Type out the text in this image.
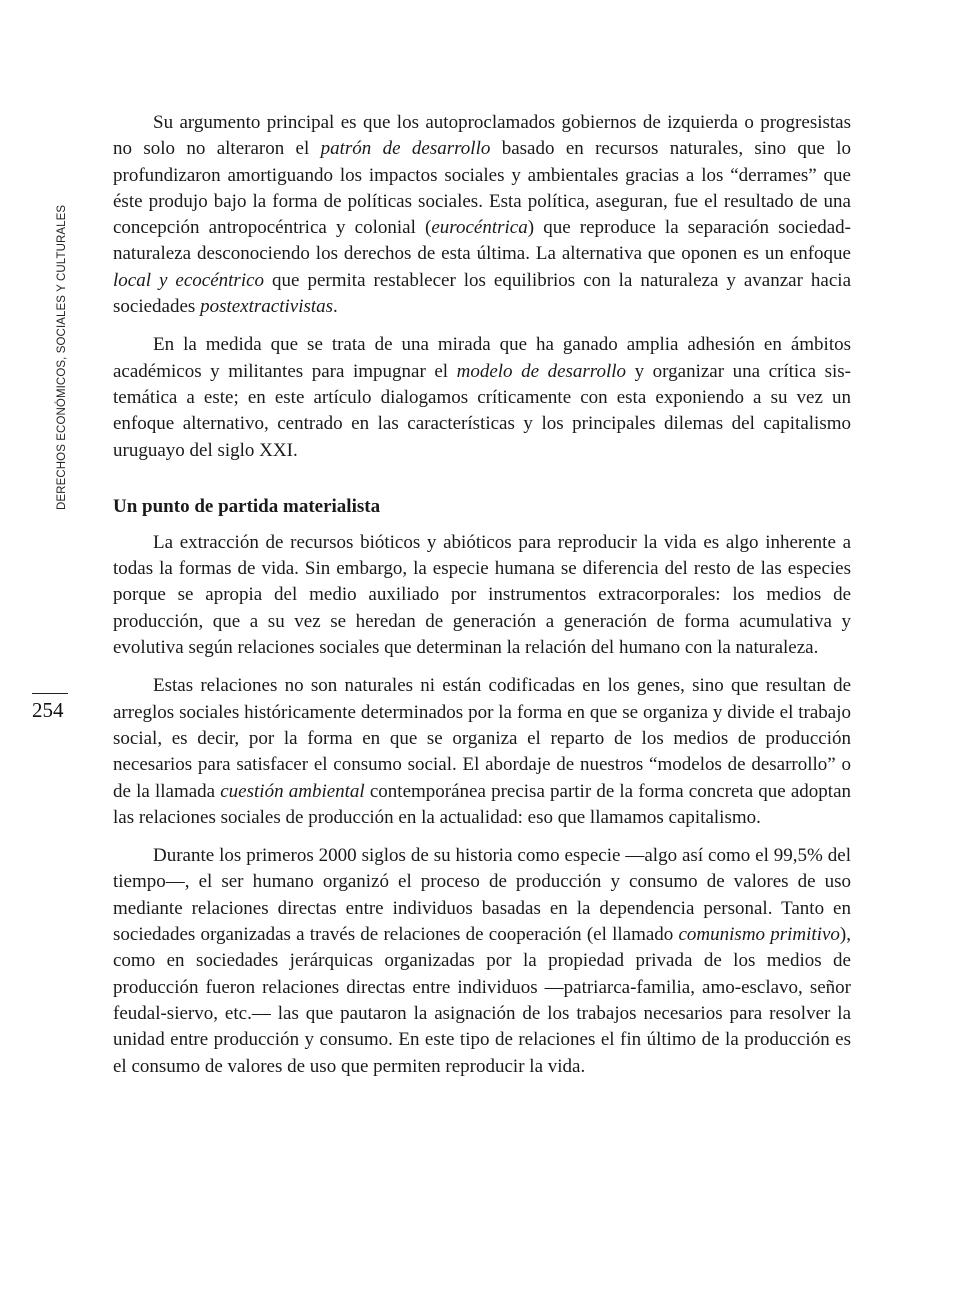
DERECHOS ECONÓMICOS, SOCIALES Y CULTURALES
254

Su argumento principal es que los autoproclamados gobiernos de izquierda o progresistas no solo no alteraron el patrón de desarrollo basado en recursos naturales, sino que lo profundizaron amortiguando los impactos sociales y ambientales gracias a los “derrames” que éste produjo bajo la forma de políticas sociales. Esta política, aseguran, fue el resultado de una concepción antropocéntrica y colonial (eurocéntrica) que reproduce la separación sociedad-naturaleza desconociendo los derechos de esta última. La alternativa que oponen es un enfoque local y ecocéntrico que permita restablecer los equilibrios con la naturaleza y avanzar hacia sociedades postextractivistas.

En la medida que se trata de una mirada que ha ganado amplia adhesión en ámbitos académicos y militantes para impugnar el modelo de desarrollo y organizar una crítica sistemática a este; en este artículo dialogamos críticamente con esta exponiendo a su vez un enfoque alternativo, centrado en las características y los principales dilemas del capitalismo uruguayo del siglo XXI.

Un punto de partida materialista

La extracción de recursos bióticos y abióticos para reproducir la vida es algo inherente a todas la formas de vida. Sin embargo, la especie humana se diferencia del resto de las especies porque se apropia del medio auxiliado por instrumentos extracorporales: los medios de producción, que a su vez se heredan de generación a generación de forma acumulativa y evolutiva según relaciones sociales que determinan la relación del humano con la naturaleza.

Estas relaciones no son naturales ni están codificadas en los genes, sino que resultan de arreglos sociales históricamente determinados por la forma en que se organiza y divide el trabajo social, es decir, por la forma en que se organiza el reparto de los medios de producción necesarios para satisfacer el consumo social. El abordaje de nuestros “modelos de desarrollo” o de la llamada cuestión ambiental contemporánea precisa partir de la forma concreta que adoptan las relaciones sociales de producción en la actualidad: eso que llamamos capitalismo.

Durante los primeros 2000 siglos de su historia como especie —algo así como el 99,5% del tiempo—, el ser humano organizó el proceso de producción y consumo de valores de uso mediante relaciones directas entre individuos basadas en la dependencia personal. Tanto en sociedades organizadas a través de relaciones de cooperación (el llamado comunismo primitivo), como en sociedades jerárquicas organizadas por la propiedad privada de los medios de producción fueron relaciones directas entre individuos —patriarca-familia, amo-esclavo, señor feudal-siervo, etc.— las que pautaron la asignación de los trabajos necesarios para resolver la unidad entre producción y consumo. En este tipo de relaciones el fin último de la producción es el consumo de valores de uso que permiten reproducir la vida.
